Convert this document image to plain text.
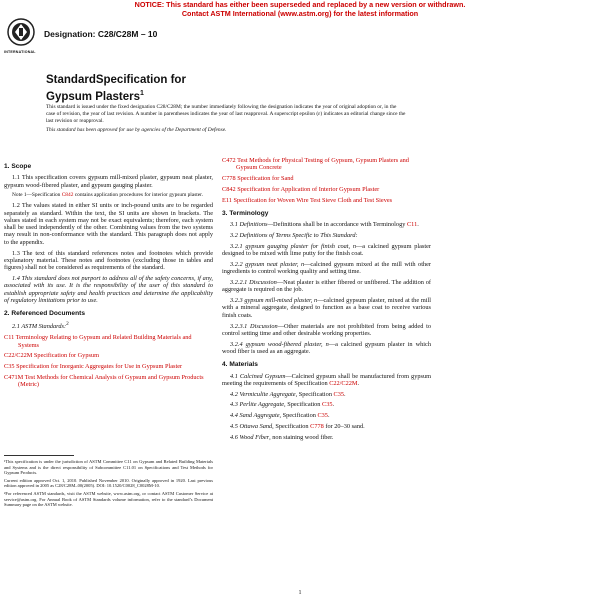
NOTICE: This standard has either been superseded and replaced by a new version or withdrawn.
Contact ASTM International (www.astm.org) for the latest information
INTERNATIONAL
Designation: C28/C28M – 10
StandardSpecification for
Gypsum Plasters$^1$

This standard is issued under the fixed designation C28/C28M; the number immediately following the designation indicates the year of original adoption or, in the case of revision, the year of last revision. A number in parentheses indicates the year of last reapproval. A superscript epsilon (ε) indicates an editorial change since the last revision or reapproval.

This standard has been approved for use by agencies of the Department of Defense.

1. Scope

1.1 This specification covers gypsum mill-mixed plaster, gypsum neat plaster, gypsum wood-fibered plaster, and gypsum gauging plaster.

Note 1—Specification C842 contains application procedures for interior gypsum plaster.

1.2 The values stated in either SI units or inch-pound units are to be regarded separately as standard. Within the text, the SI units are shown in brackets. The values stated in each system may not be exact equivalents; therefore, each system shall be used independently of the other. Combining values from the two systems may result in non-conformance with the standard. This paragraph does not apply to the appendix.

1.3 The text of this standard references notes and footnotes which provide explanatory material. These notes and footnotes (excluding those in tables and figures) shall not be considered as requirements of the standard.

1.4 This standard does not purport to address all of the safety concerns, if any, associated with its use. It is the responsibility of the user of this standard to establish appropriate safety and health practices and determine the applicability of regulatory limitations prior to use.

2. Referenced Documents

2.1 ASTM Standards:$^2$

C11 Terminology Relating to Gypsum and Related Building Materials and Systems

C22/C22M Specification for Gypsum

C35 Specification for Inorganic Aggregates for Use in Gypsum Plaster

C471M Test Methods for Chemical Analysis of Gypsum and Gypsum Products (Metric)

¹This specification is under the jurisdiction of ASTM Committee C11 on Gypsum and Related Building Materials and Systems and is the direct responsibility of Subcommittee C11.01 on Specifications and Test Methods for Gypsum Products.

Current edition approved Oct. 1, 2010. Published November 2010. Originally approved in 1920. Last previous edition approved in 2005 as C28/C28M–00(2005). DOI: 10.1520/C0028_C0028M-10.

²For referenced ASTM standards, visit the ASTM website, www.astm.org, or contact ASTM Customer Service at service@astm.org. For Annual Book of ASTM Standards volume information, refer to the standard’s Document Summary page on the ASTM website.

C472 Test Methods for Physical Testing of Gypsum, Gypsum Plasters and Gypsum Concrete

C778 Specification for Sand

C842 Specification for Application of Interior Gypsum Plaster

E11 Specification for Woven Wire Test Sieve Cloth and Test Sieves

3. Terminology

3.1 Definitions—Definitions shall be in accordance with Terminology C11.

3.2 Definitions of Terms Specific to This Standard:

3.2.1 gypsum gauging plaster for finish coat, n—a calcined gypsum plaster designed to be mixed with lime putty for the finish coat.

3.2.2 gypsum neat plaster, n—calcined gypsum mixed at the mill with other ingredients to control working quality and setting time.

3.2.2.1 Discussion—Neat plaster is either fibered or unfibered. The addition of aggregate is required on the job.

3.2.3 gypsum mill-mixed plaster, n—calcined gypsum plaster, mixed at the mill with a mineral aggregate, designed to function as a base coat to receive various finish coats.

3.2.3.1 Discussion—Other materials are not prohibited from being added to control setting time and other desirable working properties.

3.2.4 gypsum wood-fibered plaster, n—a calcined gypsum plaster in which wood fiber is used as an aggregate.

4. Materials

4.1 Calcined Gypsum—Calcined gypsum shall be manufactured from gypsum meeting the requirements of Specification C22/C22M.

4.2 Vermiculite Aggregate, Specification C35.

4.3 Perlite Aggregate, Specification C35.

4.4 Sand Aggregate, Specification C35.

4.5 Ottawa Sand, Specification C778 for 20–30 sand.

4.6 Wood Fiber, non staining wood fiber.

1
